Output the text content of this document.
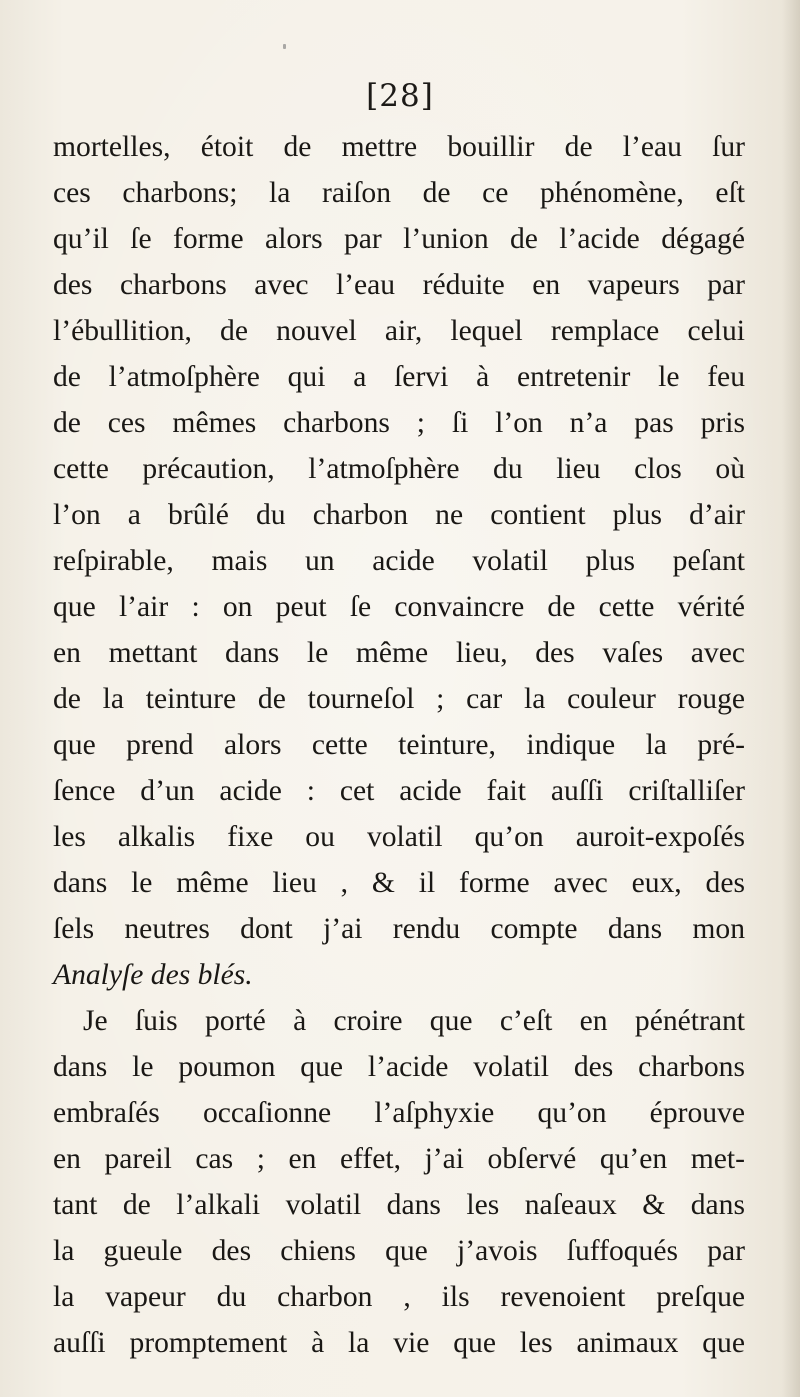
[28]
mortelles, étoit de mettre bouillir de l’eau ſur
ces charbons; la raiſon de ce phénomène, eſt
qu’il ſe forme alors par l’union de l’acide dégagé
des charbons avec l’eau réduite en vapeurs par
l’ébullition, de nouvel air, lequel remplace celui
de l’atmoſphère qui a ſervi à entretenir le feu
de ces mêmes charbons ; ſi l’on n’a pas pris
cette précaution, l’atmoſphère du lieu clos où
l’on a brûlé du charbon ne contient plus d’air
reſpirable, mais un acide volatil plus peſant
que l’air : on peut ſe convaincre de cette vérité
en mettant dans le même lieu, des vaſes avec
de la teinture de tourneſol ; car la couleur rouge
que prend alors cette teinture, indique la pré-
ſence d’un acide : cet acide fait auſſi criſtalliſer
les alkalis fixe ou volatil qu’on auroit-expoſés
dans le même lieu , & il forme avec eux, des
ſels neutres dont j’ai rendu compte dans mon
Analyſe des blés.
Je ſuis porté à croire que c’eſt en pénétrant
dans le poumon que l’acide volatil des charbons
embraſés occaſionne l’aſphyxie qu’on éprouve
en pareil cas ; en effet, j’ai obſervé qu’en met-
tant de l’alkali volatil dans les naſeaux & dans
la gueule des chiens que j’avois ſuffoqués par
la vapeur du charbon , ils revenoient preſque
auſſi promptement à la vie que les animaux que
